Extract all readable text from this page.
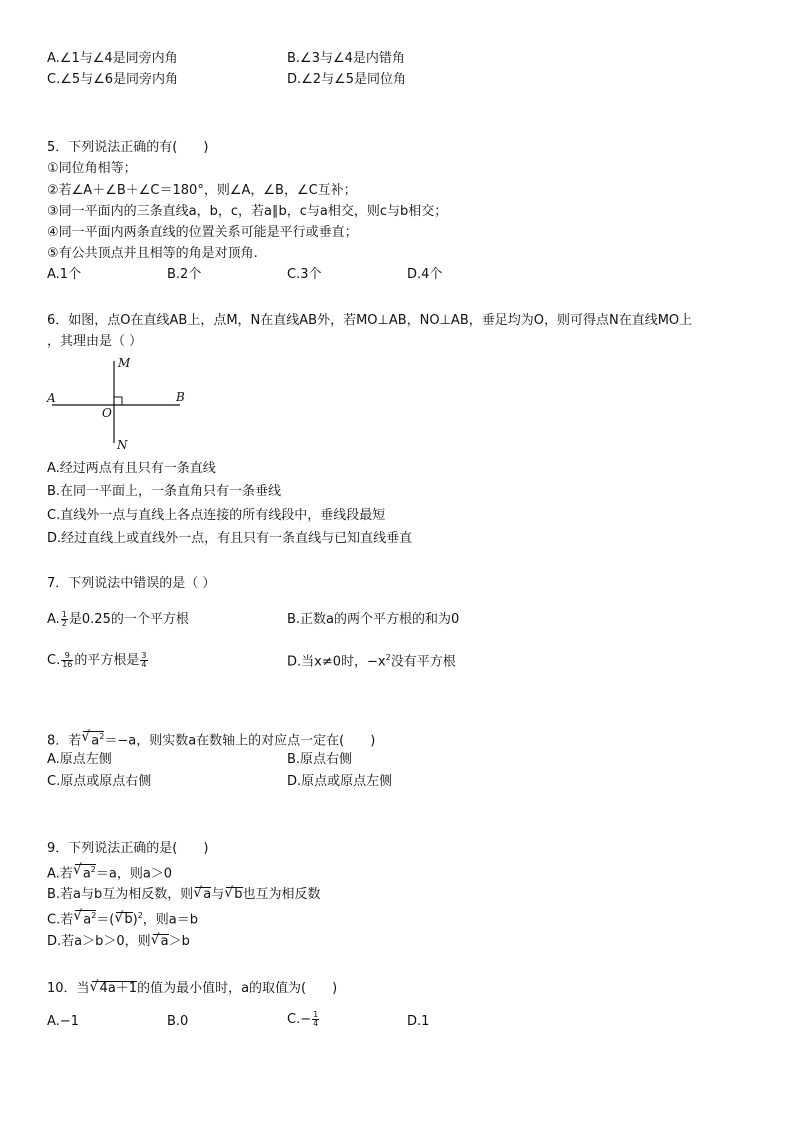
A.∠1与∠4是同旁内角	B.∠3与∠4是内错角
C.∠5与∠6是同旁内角	D.∠2与∠5是同位角
5．下列说法正确的有(　　)
①同位角相等；
②若∠A＋∠B＋∠C＝180°，则∠A，∠B，∠C互补；
③同一平面内的三条直线a，b，c，若a∥b，c与a相交，则c与b相交；
④同一平面内两条直线的位置关系可能是平行或垂直；
⑤有公共顶点并且相等的角是对顶角.
A.1个	B.2个	C.3个	D.4个
6．如图，点O在直线AB上，点M，N在直线AB外，若MO⊥AB，NO⊥AB，垂足均为O，则可得点N在直线MO上
，其理由是（ ）
M
N
A	B
O
A.经过两点有且只有一条直线
B.在同一平面上，一条直角只有一条垂线
C.直线外一点与直线上各点连接的所有线段中，垂线段最短
D.经过直线上或直线外一点，有且只有一条直线与已知直线垂直
7．下列说法中错误的是（ ）
A. $\frac{1}{2}$ 是0.25的一个平方根	B.正数a的两个平方根的和为0
C. $\frac{9}{16}$ 的平方根是 $\frac{3}{4}$	D.当x≠0时，$-x^2$没有平方根
8．若√ $a^2=-a$，则实数a在数轴上的对应点一定在(　　)
A.原点左侧	B.原点右侧
C.原点或原点右侧	D.原点或原点左侧
9．下列说法正确的是(　　)
A.若√ $a^2=a$，则a＞0
B.若a与b互为相反数，则√ a与√ b也互为相反数
C.若√ $a^2=(√$ b)$^2$，则a＝b
D.若a＞b＞0，则√ a＞b
10．当√ 4a＋1的值为最小值时，a的取值为(　　)
A.−1	B.0	$C.- \frac{1}{4}$	D.1
